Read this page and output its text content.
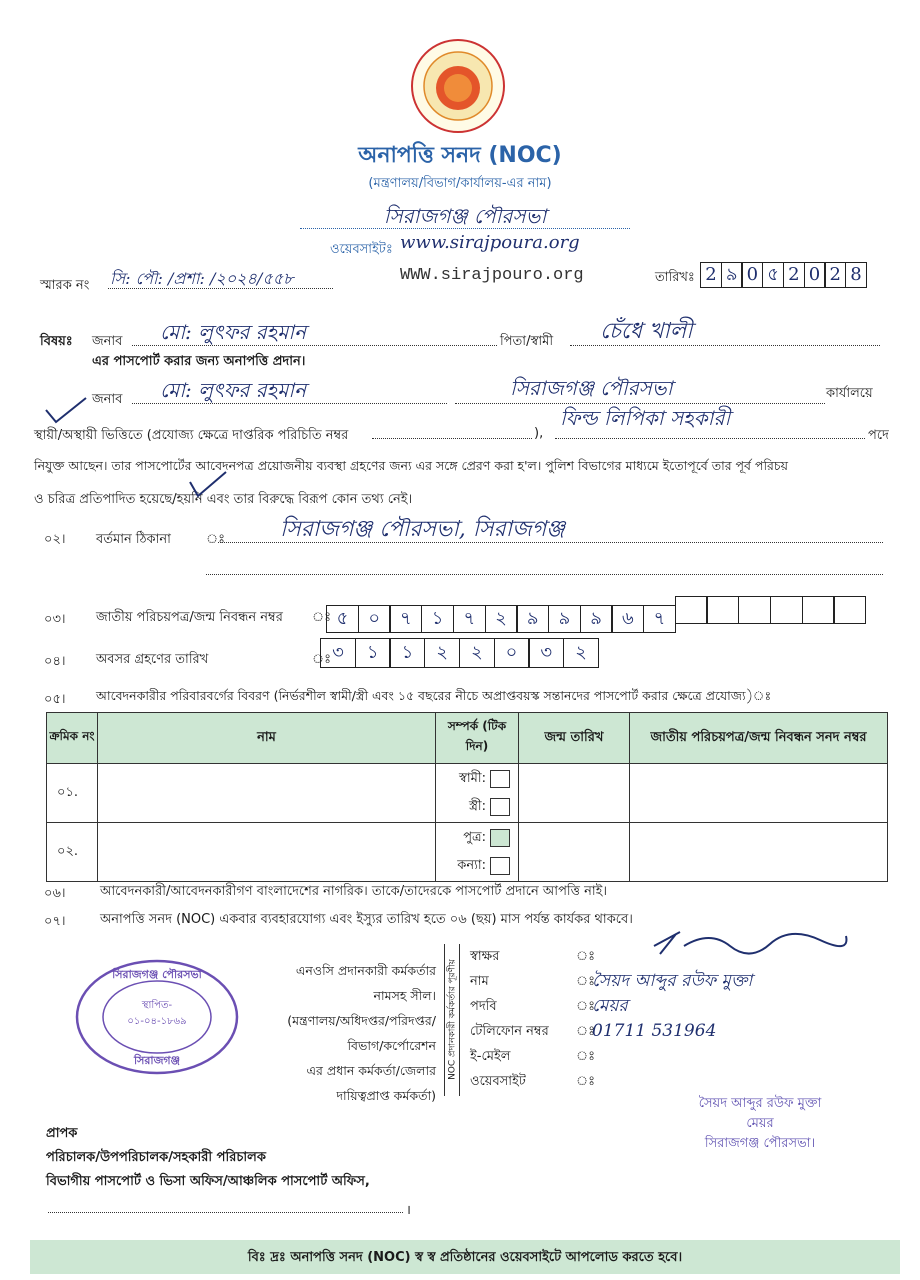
অনাপত্তি সনদ (NOC)
(মন্ত্রণালয়/বিভাগ/কার্যালয়-এর নাম)
সিরাজগঞ্জ পৌরসভা
ওয়েবসাইটঃ www.sirajpoura.org
WWW.sirajpouro.org
স্মারক নং সি: পৌ: /প্রশা: /২০২৪/৫৫৮	তারিখঃ 2 ৯ 0 ৫ 2 0 2 8
বিষয়ঃ জনাব মো: লুৎফর রহমান	পিতা/স্বামী চেঁধে খালী
এর পাসপোর্ট করার জন্য অনাপত্তি প্রদান।
জনাব মো: লুৎফর রহমান	সিরাজগঞ্জ পৌরসভা	কার্যালয়ে
স্থায়ী/অস্থায়ী ভিত্তিতে (প্রযোজ্য ক্ষেত্রে দাপ্তরিক পরিচিতি নম্বর	),
ফিল্ড লিপিকা সহকারী
পদে
নিযুক্ত আছেন। তার পাসপোর্টের আবেদনপত্র প্রয়োজনীয় ব্যবস্থা গ্রহণের জন্য এর সঙ্গে প্রেরণ করা হ'ল। পুলিশ বিভাগের মাধ্যমে ইতোপূর্বে তার পূর্ব পরিচয়
ও চরিত্র প্রতিপাদিত হয়েছে/হয়নি এবং তার বিরুদ্ধে বিরূপ কোন তথ্য নেই।
০২। বর্তমান ঠিকানা	ঃ সিরাজগঞ্জ পৌরসভা, সিরাজগঞ্জ
০৩। জাতীয় পরিচয়পত্র/জন্ম নিবন্ধন নম্বর ঃ ৫ ০ ৭ ১ ৭ ২ ৯ ৯ ৯ ৬ ৭
০৪। অবসর গ্রহণের তারিখ	ঃ ৩ ১ ১ ২ ২ ০ ৩ ২
০৫। আবেদনকারীর পরিবারবর্গের বিবরণ (নির্ভরশীল স্বামী/স্ত্রী এবং ১৫ বছরের নীচে অপ্রাপ্তবয়স্ক সন্তানদের পাসপোর্ট করার ক্ষেত্রে প্রযোজ্য)ঃ
ক্রমিক নং	নাম	সম্পর্ক (টিক দিন)	জন্ম তারিখ	জাতীয় পরিচয়পত্র/জন্ম নিবন্ধন সনদ নম্বর
০১.		স্বামী:
স্ত্রী:		
০২.		পুত্র:
কন্যা:		
০৬।	আবেদনকারী/আবেদনকারীগণ বাংলাদেশের নাগরিক। তাকে/তাদেরকে পাসপোর্ট প্রদানে আপত্তি নাই।
০৭।	অনাপত্তি সনদ (NOC) একবার ব্যবহারযোগ্য এবং ইস্যুর তারিখ হতে ০৬ (ছয়) মাস পর্যন্ত কার্যকর থাকবে।
এনওসি প্রদানকারী কর্মকর্তার
নামসহ সীল।
(মন্ত্রণালয়/অধিদপ্তর/পরিদপ্তর/
বিভাগ/কর্পোরেশন
এর প্রধান কর্মকর্তা/জেলার
দায়িত্বপ্রাপ্ত কর্মকর্তা)
NOC প্রদানকারী কর্মকর্তার পূরণীয়
স্বাক্ষর	ঃ
নাম	ঃ
সৈয়দ আব্দুর রউফ মুক্তা
পদবি	ঃ
মেয়র
টেলিফোন নম্বর ঃ
01711 531964
ই-মেইল	ঃ
ওয়েবসাইট	ঃ
সিরাজগঞ্জ পৌরসভা
স্থাপিত-
০১-০৪-১৮৬৯
সিরাজগঞ্জ
সৈয়দ আব্দুর রউফ মুক্তা
মেয়র
সিরাজগঞ্জ পৌরসভা।
প্রাপক
পরিচালক/উপপরিচালক/সহকারী পরিচালক
বিভাগীয় পাসপোর্ট ও ভিসা অফিস/আঞ্চলিক পাসপোর্ট অফিস,
।
বিঃ দ্রঃ অনাপত্তি সনদ (NOC) স্ব স্ব প্রতিষ্ঠানের ওয়েবসাইটে আপলোড করতে হবে।
